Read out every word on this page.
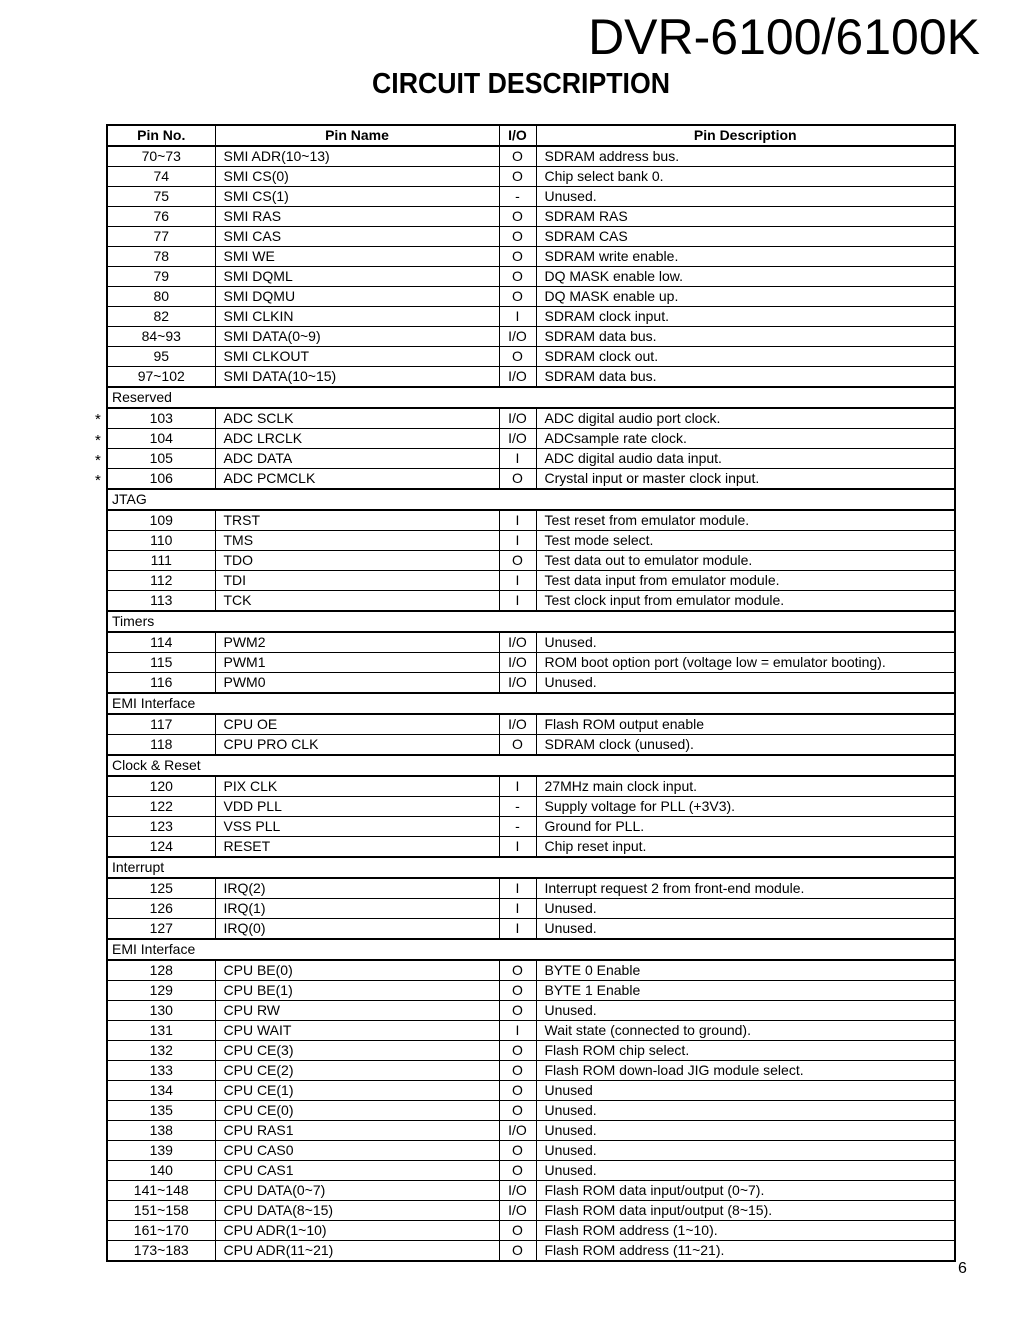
DVR-6100/6100K
CIRCUIT DESCRIPTION
Pin No.	Pin Name	I/O	Pin Description
70~73	SMI ADR(10~13)	O	SDRAM address bus.
74	SMI CS(0)	O	Chip select bank 0.
75	SMI CS(1)	-	Unused.
76	SMI RAS	O	SDRAM RAS
77	SMI CAS	O	SDRAM CAS
78	SMI WE	O	SDRAM write enable.
79	SMI DQML	O	DQ MASK enable low.
80	SMI DQMU	O	DQ MASK enable up.
82	SMI CLKIN	I	SDRAM clock input.
84~93	SMI DATA(0~9)	I/O	SDRAM data bus.
95	SMI CLKOUT	O	SDRAM clock out.
97~102	SMI DATA(10~15)	I/O	SDRAM data bus.
Reserved			
103	ADC SCLK	I/O	ADC digital audio port clock.
104	ADC LRCLK	I/O	ADCsample rate clock.
105	ADC DATA	I	ADC digital audio data input.
106	ADC PCMCLK	O	Crystal input or master clock input.
JTAG			
109	TRST	I	Test reset from emulator module.
110	TMS	I	Test mode select.
111	TDO	O	Test data out to emulator module.
112	TDI	I	Test data input from emulator module.
113	TCK	I	Test clock input from emulator module.
Timers			
114	PWM2	I/O	Unused.
115	PWM1	I/O	ROM boot option port (voltage low = emulator booting).
116	PWM0	I/O	Unused.
EMI Interface			
117	CPU OE	I/O	Flash ROM output enable
118	CPU PRO CLK	O	SDRAM clock (unused).
Clock & Reset			
120	PIX CLK	I	27MHz main clock input.
122	VDD PLL	-	Supply voltage for PLL (+3V3).
123	VSS PLL	-	Ground for PLL.
124	RESET	I	Chip reset input.
Interrupt			
125	IRQ(2)	I	Interrupt request 2 from front-end module.
126	IRQ(1)	I	Unused.
127	IRQ(0)	I	Unused.
EMI Interface			
128	CPU BE(0)	O	BYTE 0 Enable
129	CPU BE(1)	O	BYTE 1 Enable
130	CPU RW	O	Unused.
131	CPU WAIT	I	Wait state (connected to ground).
132	CPU CE(3)	O	Flash ROM chip select.
133	CPU CE(2)	O	Flash ROM down-load JIG module select.
134	CPU CE(1)	O	Unused
135	CPU CE(0)	O	Unused.
138	CPU RAS1	I/O	Unused.
139	CPU CAS0	O	Unused.
140	CPU CAS1	O	Unused.
141~148	CPU DATA(0~7)	I/O	Flash ROM data input/output (0~7).
151~158	CPU DATA(8~15)	I/O	Flash ROM data input/output (8~15).
161~170	CPU ADR(1~10)	O	Flash ROM address (1~10).
173~183	CPU ADR(11~21)	O	Flash ROM address (11~21).
*
*
*
*
6
